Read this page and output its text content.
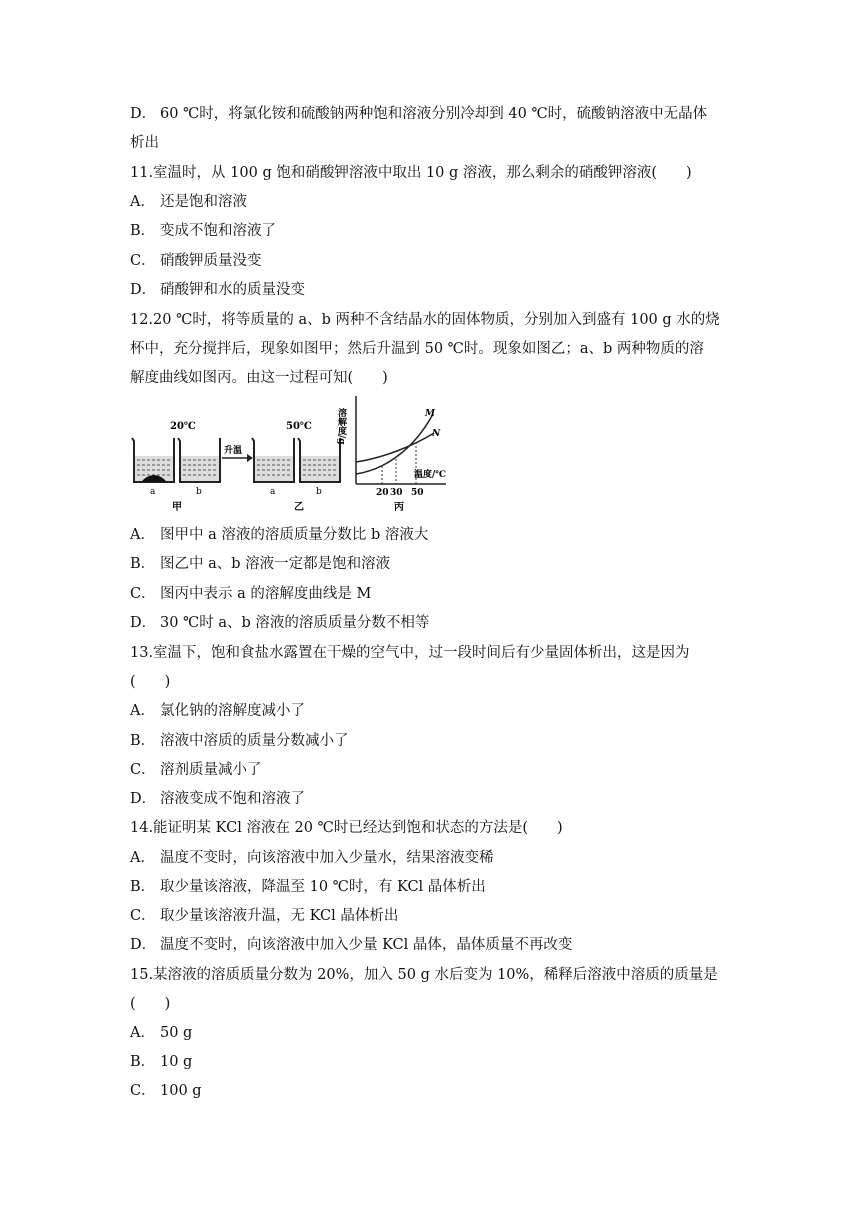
D． 60 ℃时，将氯化铵和硫酸钠两种饱和溶液分别冷却到 40 ℃时，硫酸钠溶液中无晶体
析出
11.室温时，从 100 g 饱和硝酸钾溶液中取出 10 g 溶液，那么剩余的硝酸钾溶液(　　)
A． 还是饱和溶液
B． 变成不饱和溶液了
C． 硝酸钾质量没变
D． 硝酸钾和水的质量没变
12.20 ℃时，将等质量的 a、b 两种不含结晶水的固体物质，分别加入到盛有 100 g 水的烧
杯中，充分搅拌后，现象如图甲；然后升温到 50 ℃时。现象如图乙；a、b 两种物质的溶
解度曲线如图丙。由这一过程可知(　　)
20℃
a	b
甲
升温
50℃
a	b
乙
溶解度/g	M
N
温度/℃
20 30 50
丙
A． 图甲中 a 溶液的溶质质量分数比 b 溶液大
B． 图乙中 a、b 溶液一定都是饱和溶液
C． 图丙中表示 a 的溶解度曲线是 M
D． 30 ℃时 a、b 溶液的溶质质量分数不相等
13.室温下，饱和食盐水露置在干燥的空气中，过一段时间后有少量固体析出，这是因为
(　　)
A． 氯化钠的溶解度减小了
B． 溶液中溶质的质量分数减小了
C． 溶剂质量减小了
D． 溶液变成不饱和溶液了
14.能证明某 KCl 溶液在 20 ℃时已经达到饱和状态的方法是(　　)
A． 温度不变时，向该溶液中加入少量水，结果溶液变稀
B． 取少量该溶液，降温至 10 ℃时，有 KCl 晶体析出
C． 取少量该溶液升温，无 KCl 晶体析出
D． 温度不变时，向该溶液中加入少量 KCl 晶体，晶体质量不再改变
15.某溶液的溶质质量分数为 20%，加入 50 g 水后变为 10%，稀释后溶液中溶质的质量是
(　　)
A． 50 g
B． 10 g
C． 100 g
